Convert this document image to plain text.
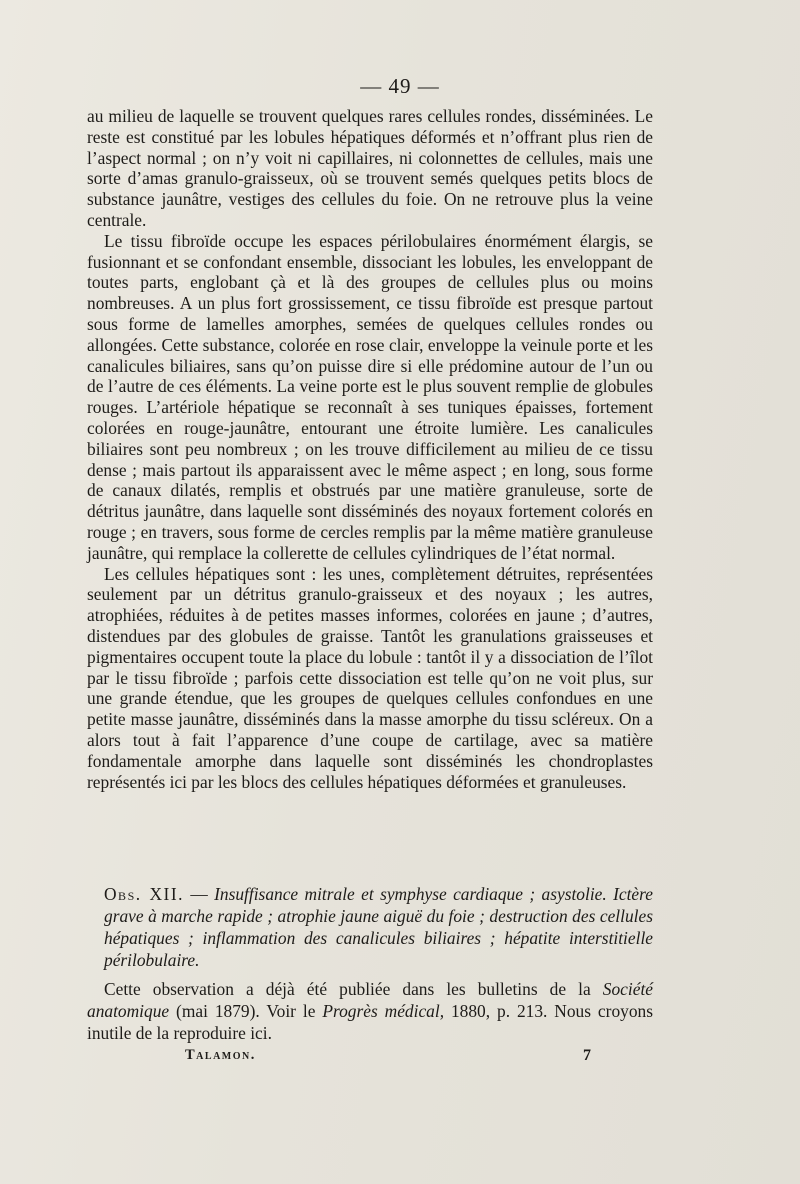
— 49 —

au milieu de laquelle se trouvent quelques rares cellules rondes, disséminées. Le reste est constitué par les lobules hépatiques déformés et n’offrant plus rien de l’aspect normal ; on n’y voit ni capillaires, ni colonnettes de cellules, mais une sorte d’amas granulo-graisseux, où se trouvent semés quelques petits blocs de substance jaunâtre, vestiges des cellules du foie. On ne retrouve plus la veine centrale.

Le tissu fibroïde occupe les espaces périlobulaires énormément élargis, se fusionnant et se confondant ensemble, dissociant les lobules, les enveloppant de toutes parts, englobant çà et là des groupes de cellules plus ou moins nombreuses. A un plus fort grossissement, ce tissu fibroïde est presque partout sous forme de lamelles amorphes, semées de quelques cellules rondes ou allongées. Cette substance, colorée en rose clair, enveloppe la veinule porte et les canalicules biliaires, sans qu’on puisse dire si elle prédomine autour de l’un ou de l’autre de ces éléments. La veine porte est le plus souvent remplie de globules rouges. L’artériole hépatique se reconnaît à ses tuniques épaisses, fortement colorées en rouge-jaunâtre, entourant une étroite lumière. Les canalicules biliaires sont peu nombreux ; on les trouve difficilement au milieu de ce tissu dense ; mais partout ils apparaissent avec le même aspect ; en long, sous forme de canaux dilatés, remplis et obstrués par une matière granuleuse, sorte de détritus jaunâtre, dans laquelle sont disséminés des noyaux fortement colorés en rouge ; en travers, sous forme de cercles remplis par la même matière granuleuse jaunâtre, qui remplace la collerette de cellules cylindriques de l’état normal.

Les cellules hépatiques sont : les unes, complètement détruites, représentées seulement par un détritus granulo-graisseux et des noyaux ; les autres, atrophiées, réduites à de petites masses informes, colorées en jaune ; d’autres, distendues par des globules de graisse. Tantôt les granulations graisseuses et pigmentaires occupent toute la place du lobule : tantôt il y a dissociation de l’îlot par le tissu fibroïde ; parfois cette dissociation est telle qu’on ne voit plus, sur une grande étendue, que les groupes de quelques cellules confondues en une petite masse jaunâtre, disséminés dans la masse amorphe du tissu scléreux. On a alors tout à fait l’apparence d’une coupe de cartilage, avec sa matière fondamentale amorphe dans laquelle sont disséminés les chondroplastes représentés ici par les blocs des cellules hépatiques déformées et granuleuses.

Obs. XII. — Insuffisance mitrale et symphyse cardiaque ; asystolie. Ictère grave à marche rapide ; atrophie jaune aiguë du foie ; destruction des cellules hépatiques ; inflammation des canalicules biliaires ; hépatite interstitielle périlobulaire.

Cette observation a déjà été publiée dans les bulletins de la Société anatomique (mai 1879). Voir le Progrès médical, 1880, p. 213. Nous croyons inutile de la reproduire ici.

Talamon.	7
